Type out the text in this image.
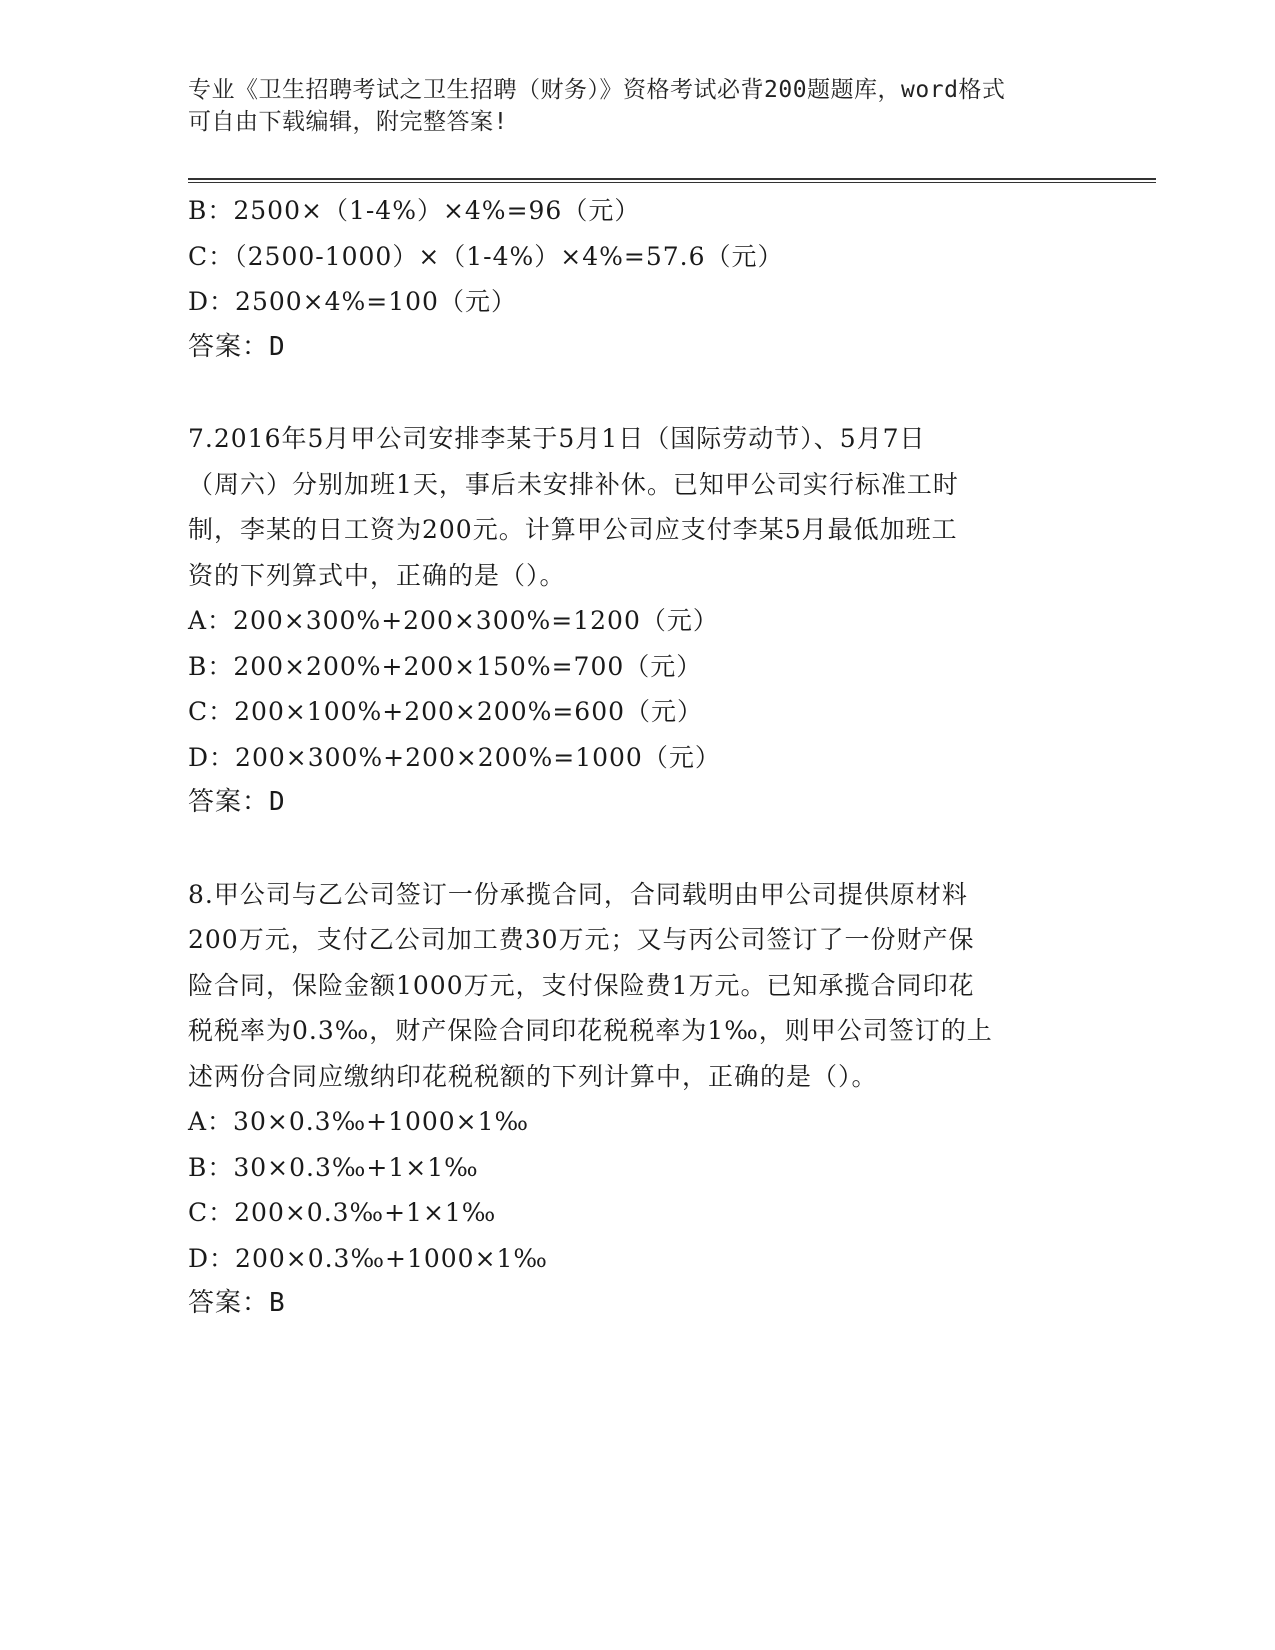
专业《卫生招聘考试之卫生招聘（财务）》资格考试必背200题题库，word格式
可自由下载编辑，附完整答案!
B：2500×（1-4%）×4%=96（元）
C：（2500-1000）×（1-4%）×4%=57.6（元）
D：2500×4%=100（元）
答案：D
7.2016年5月甲公司安排李某于5月1日（国际劳动节）、5月7日
（周六）分别加班1天，事后未安排补休。已知甲公司实行标准工时
制，李某的日工资为200元。计算甲公司应支付李某5月最低加班工
资的下列算式中，正确的是（）。
A：200×300%+200×300%=1200（元）
B：200×200%+200×150%=700（元）
C：200×100%+200×200%=600（元）
D：200×300%+200×200%=1000（元）
答案：D
8.甲公司与乙公司签订一份承揽合同，合同载明由甲公司提供原材料
200万元，支付乙公司加工费30万元；又与丙公司签订了一份财产保
险合同，保险金额1000万元，支付保险费1万元。已知承揽合同印花
税税率为0.3‰，财产保险合同印花税税率为1‰，则甲公司签订的上
述两份合同应缴纳印花税税额的下列计算中，正确的是（）。
A：30×0.3‰+1000×1‰
B：30×0.3‰+1×1‰
C：200×0.3‰+1×1‰
D：200×0.3‰+1000×1‰
答案：B
